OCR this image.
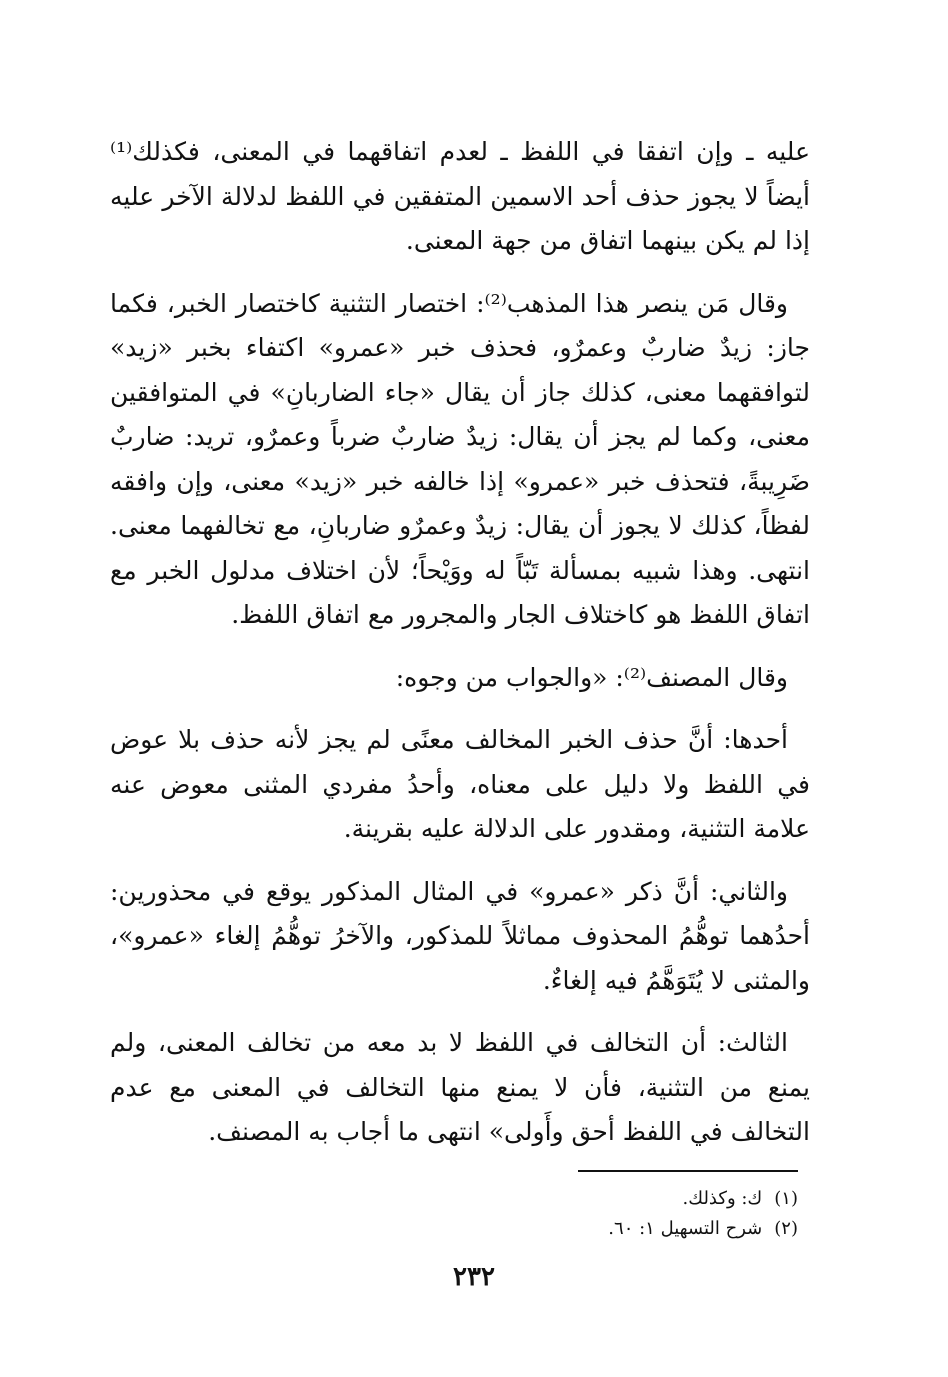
عليه ـ وإن اتفقا في اللفظ ـ لعدم اتفاقهما في المعنى، فكذلك⁽¹⁾ أيضاً لا يجوز حذف أحد الاسمين المتفقين في اللفظ لدلالة الآخر عليه إذا لم يكن بينهما اتفاق من جهة المعنى.

وقال مَن ينصر هذا المذهب⁽²⁾: اختصار التثنية كاختصار الخبر، فكما جاز: زيدٌ ضاربٌ وعمرٌو، فحذف خبر «عمرو» اكتفاء بخبر «زيد» لتوافقهما معنى، كذلك جاز أن يقال «جاء الضاربانِ» في المتوافقين معنى، وكما لم يجز أن يقال: زيدٌ ضاربٌ ضرباً وعمرٌو، تريد: ضاربٌ ضَرِيبةً، فتحذف خبر «عمرو» إذا خالفه خبر «زيد» معنى، وإن وافقه لفظاً، كذلك لا يجوز أن يقال: زيدٌ وعمرٌو ضاربانِ، مع تخالفهما معنى. انتهى. وهذا شبيه بمسألة تَبّاً له ووَيْحاً؛ لأن اختلاف مدلول الخبر مع اتفاق اللفظ هو كاختلاف الجار والمجرور مع اتفاق اللفظ.

وقال المصنف⁽²⁾: «والجواب من وجوه:

أحدها: أنَّ حذف الخبر المخالف معنًى لم يجز لأنه حذف بلا عوض في اللفظ ولا دليل على معناه، وأحدُ مفردي المثنى معوض عنه علامة التثنية، ومقدور على الدلالة عليه بقرينة.

والثاني: أنَّ ذكر «عمرو» في المثال المذكور يوقع في محذورين: أحدُهما توهُّمُ المحذوف مماثلاً للمذكور، والآخرُ توهُّمُ إلغاء «عمرو»، والمثنى لا يُتَوَهَّمُ فيه إلغاءٌ.

الثالث: أن التخالف في اللفظ لا بد معه من تخالف المعنى، ولم يمنع من التثنية، فأن لا يمنع منها التخالف في المعنى مع عدم التخالف في اللفظ أحق وأَولى» انتهى ما أجاب به المصنف.

(١)ك: وكذلك.

(٢)شرح التسهيل ١: ٦٠.

٢٣٢
